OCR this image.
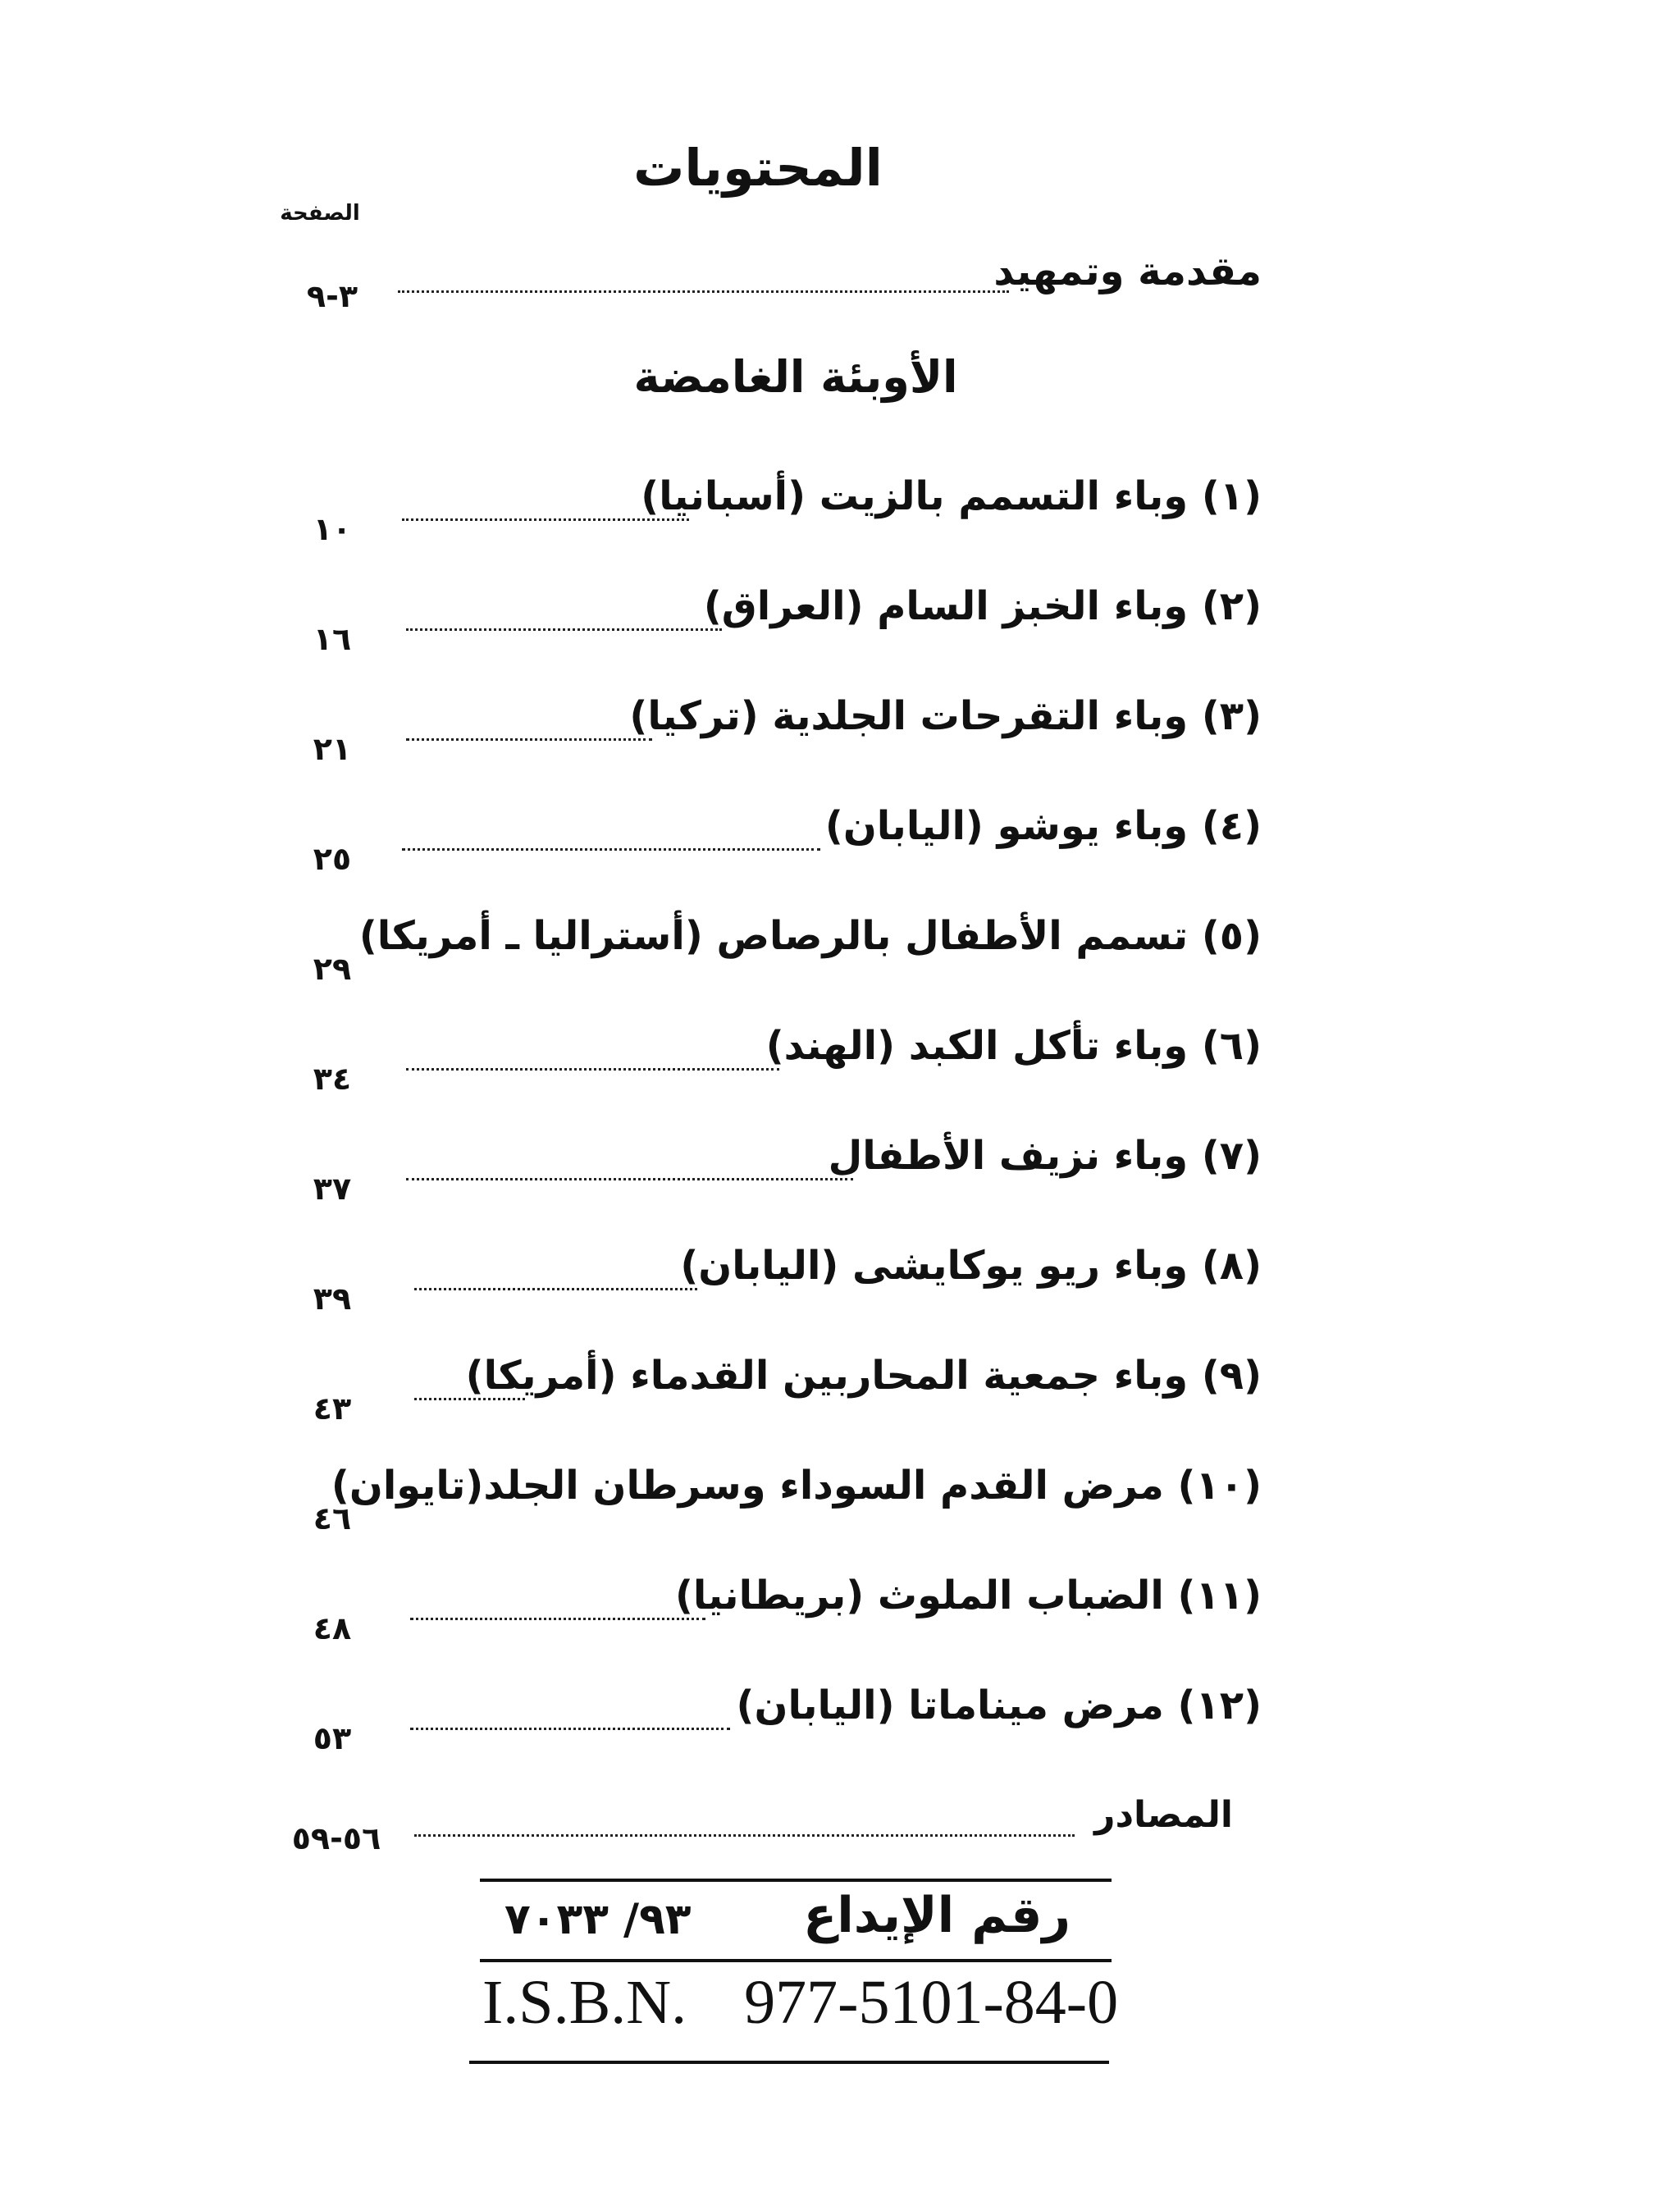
المحتويات
الصفحة
مقدمة وتمهيد
٣-٩
الأوبئة الغامضة
(١) وباء التسمم بالزيت (أسبانيا)
١٠
(٢) وباء الخبز السام (العراق)
١٦
(٣) وباء التقرحات الجلدية (تركيا)
٢١
(٤) وباء يوشو (اليابان)
٢٥
(٥) تسمم الأطفال بالرصاص (أستراليا ـ أمريكا)
٢٩
(٦) وباء تأكل الكبد (الهند)
٣٤
(٧) وباء نزيف الأطفال
٣٧
(٨) وباء ريو يوكايشى (اليابان)
٣٩
(٩) وباء جمعية المحاربين القدماء (أمريكا)
٤٣
(١٠) مرض القدم السوداء وسرطان الجلد(تايوان)
٤٦
(١١) الضباب الملوث (بريطانيا)
٤٨
(١٢) مرض ميناماتا (اليابان)
٥٣
المصادر
٥٦-٥٩
رقم الإيداع
٩٣/ ٧٠٣٣
I.S.B.N. 977-5101-84-0
